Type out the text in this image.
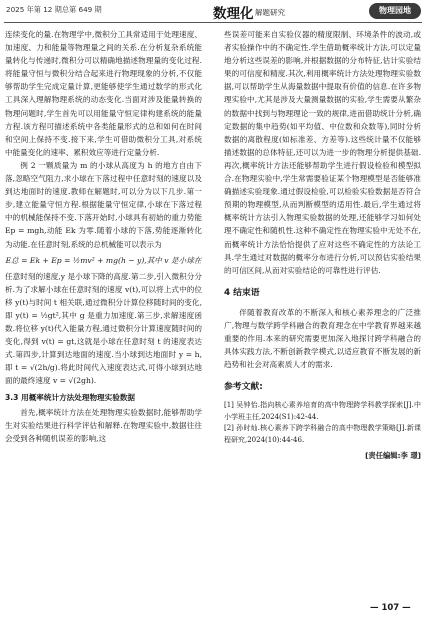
2025 年第 12 期总第 649 期	数理化 解题研究	物理园地

连续变化的量.在物理学中,微积分工具常适用于处理速度、加速度、力和能量等物理量之间的关系.在分析复杂系统能量转化与传递时,微积分可以精确地描述物理量的变化过程.将能量守恒与微积分结合起来进行物理现象的分析,不仅能够帮助学生完成定量计算,更能够使学生通过数学的形式化工具深入理解物理系统的动态变化.当面对涉及能量转换的物理问题时,学生首先可以用能量守恒定律构建系统的能量方程.该方程可描述系统中各类能量形式的总和如何在时间和空间上保持不变.接下来,学生可借助微积分工具,对系统中能量变化的速率、累积效应等进行定量分析.

例 2 一颗质量为 m 的小球从高度为 h 的地方自由下落,忽略空气阻力,求小球在下落过程中任意时刻的速度以及到达地面时的速度.教师在解题时,可以分为以下几步.第一步,建立能量守恒方程.根据能量守恒定律,小球在下落过程中的机械能保持不变.下落开始时,小球具有初始的重力势能 Ep = mgh,动能 Ek 为零.随着小球的下落,势能逐渐转化为动能.在任意时刻,系统的总机械能可以表示为

E总 = Ek + Ep = ½mv² + mg(h − y),其中 v 是小球在

任意时刻的速度,y 是小球下降的高度.第二步,引入微积分分析.为了求解小球在任意时刻的速度 v(t),可以将上式中的位移 y(t)与时间 t 相关联,通过微积分计算位移随时间的变化,即 y(t) = ½gt²,其中 g 是重力加速度.第三步,求解速度函数.将位移 y(t)代入能量方程,通过微积分计算速度随时间的变化,得到 v(t) = gt,这就是小球在任意时刻 t 的速度表达式.第四步,计算到达地面的速度.当小球到达地面时 y = h,即 t = √(2h/g).将此时间代入速度表达式,可得小球到达地面的最终速度 v = √(2gh).

3.3 用概率统计方法处理物理实验数据

首先,概率统计方法在处理物理实验数据时,能够帮助学生对实验结果进行科学评估和解释.在物理实验中,数据往往会受到各种随机误差的影响,这

些误差可能来自实验仪器的精度限制、环境条件的波动,或者实验操作中的不确定性.学生借助概率统计方法,可以定量地分析这些误差的影响,并根据数据的分布特征,估计实验结果的可信度和精度.其次,利用概率统计方法处理物理实验数据,可以帮助学生从海量数据中提取有价值的信息.在许多物理实验中,尤其是涉及大量测量数据的实验,学生需要从繁杂的数据中找到与物理理论一致的规律,进而借助统计分析,确定数据的集中趋势(如平均值、中位数和众数等),同时分析数据的离散程度(如标准差、方差等).这些统计量不仅能够描述数据的总体特征,还可以为进一步的物理分析提供基础.再次,概率统计方法还能够帮助学生进行假设检验和模型拟合.在物理实验中,学生常需要验证某个物理模型是否能够准确描述实验现象.通过假设检验,可以检验实验数据是否符合预期的物理模型,从而判断模型的适用性.最后,学生通过将概率统计方法引入物理实验数据的处理,还能够学习如何处理不确定性和随机性.这种不确定性在物理实验中无处不在,而概率统计方法恰恰提供了应对这些不确定性的方法论工具.学生通过对数据的概率分布进行分析,可以预估实验结果的可信区间,从而对实验结论的可靠性进行评估.

4 结束语

伴随着教育改革的不断深入和核心素养理念的广泛推广,物理与数学跨学科融合的教育理念在中学教育界越来越重要的作用.本来的研究需要更加深入地探讨跨学科融合的具体实践方法,不断创新教学模式,以适应教育不断发展的新趋势和社会对高素质人才的需求.

参考文献:

[1] 吴钟怡.指向核心素养培育的高中物理跨学科教学探索[J].中小学班主任,2024(S1):42-44.

[2] 孙时灿.核心素养下跨学科融合的高中物理教学策略[J].新课程研究,2024(10):44-46.

[责任编辑:李 璟]

— 107 —
